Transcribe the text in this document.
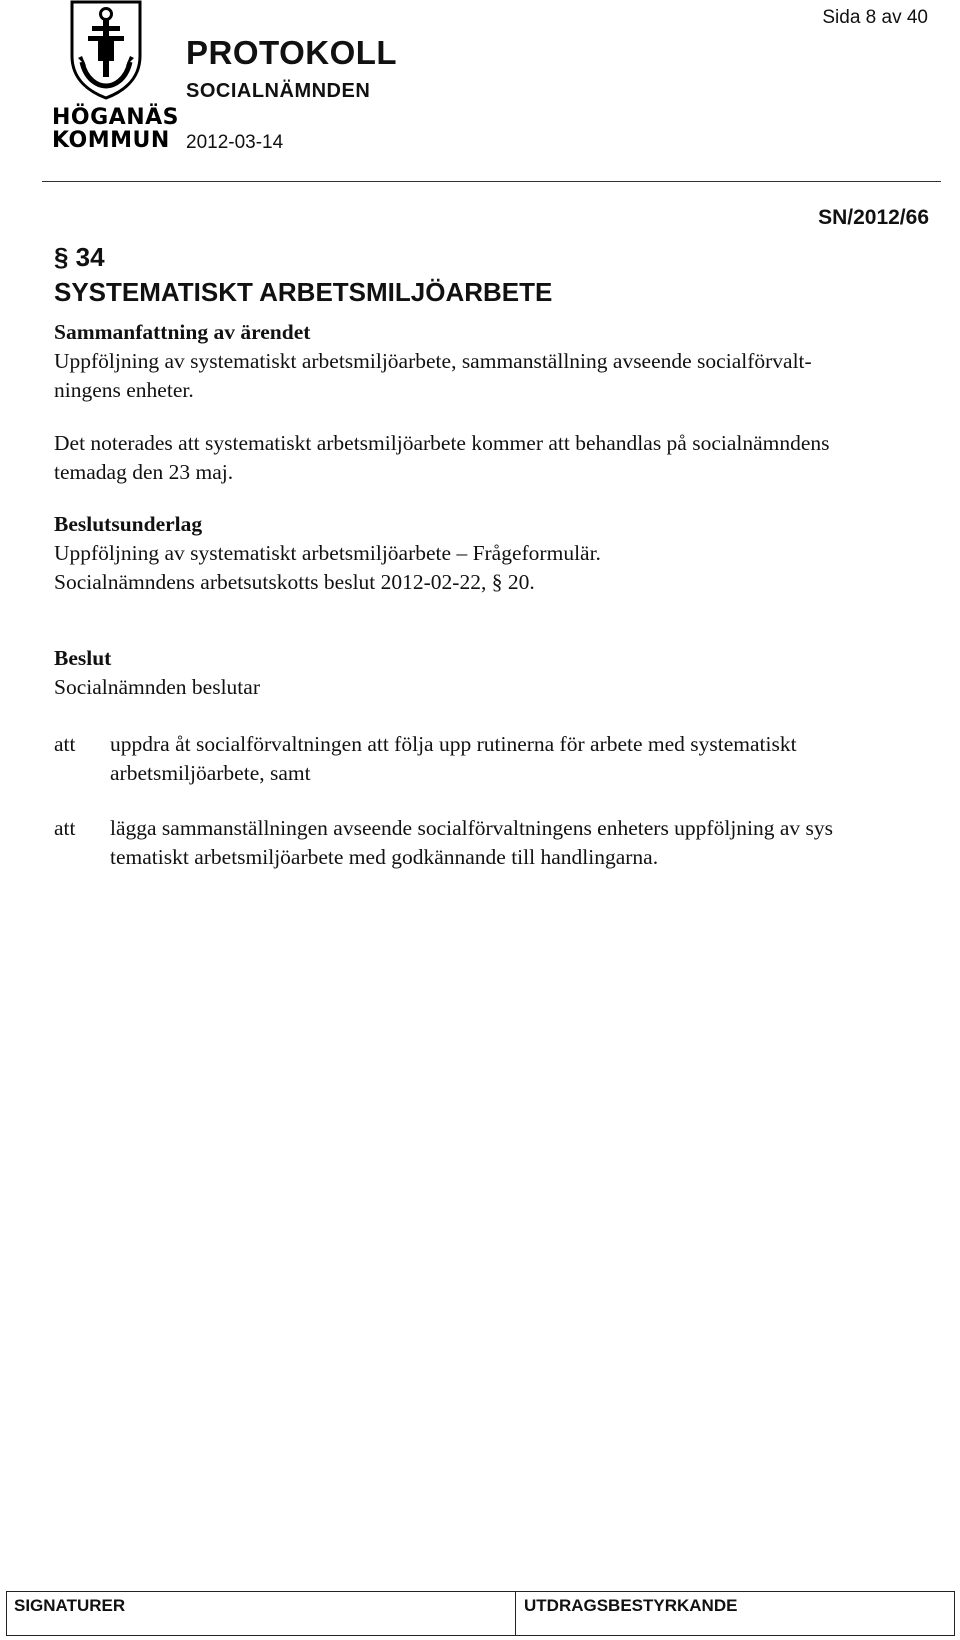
HÖGANÄS
KOMMUN
PROTOKOLL
SOCIALNÄMNDEN
2012-03-14
Sida 8 av 40
SN/2012/66
§ 34
SYSTEMATISKT ARBETSMILJÖARBETE
Sammanfattning av ärendet
Uppföljning av systematiskt arbetsmiljöarbete, sammanställning avseende socialförvalt-
ningens enheter.
Det noterades att systematiskt arbetsmiljöarbete kommer att behandlas på socialnämndens
temadag den 23 maj.
Beslutsunderlag
Uppföljning av systematiskt arbetsmiljöarbete – Frågeformulär.
Socialnämndens arbetsutskotts beslut 2012-02-22, § 20.
Beslut
Socialnämnden beslutar
att uppdra åt socialförvaltningen att följa upp rutinerna för arbete med systematiskt
arbetsmiljöarbete, samt
att lägga sammanställningen avseende socialförvaltningens enheters uppföljning av sys
tematiskt arbetsmiljöarbete med godkännande till handlingarna.
SIGNATURER	UTDRAGSBESTYRKANDE
